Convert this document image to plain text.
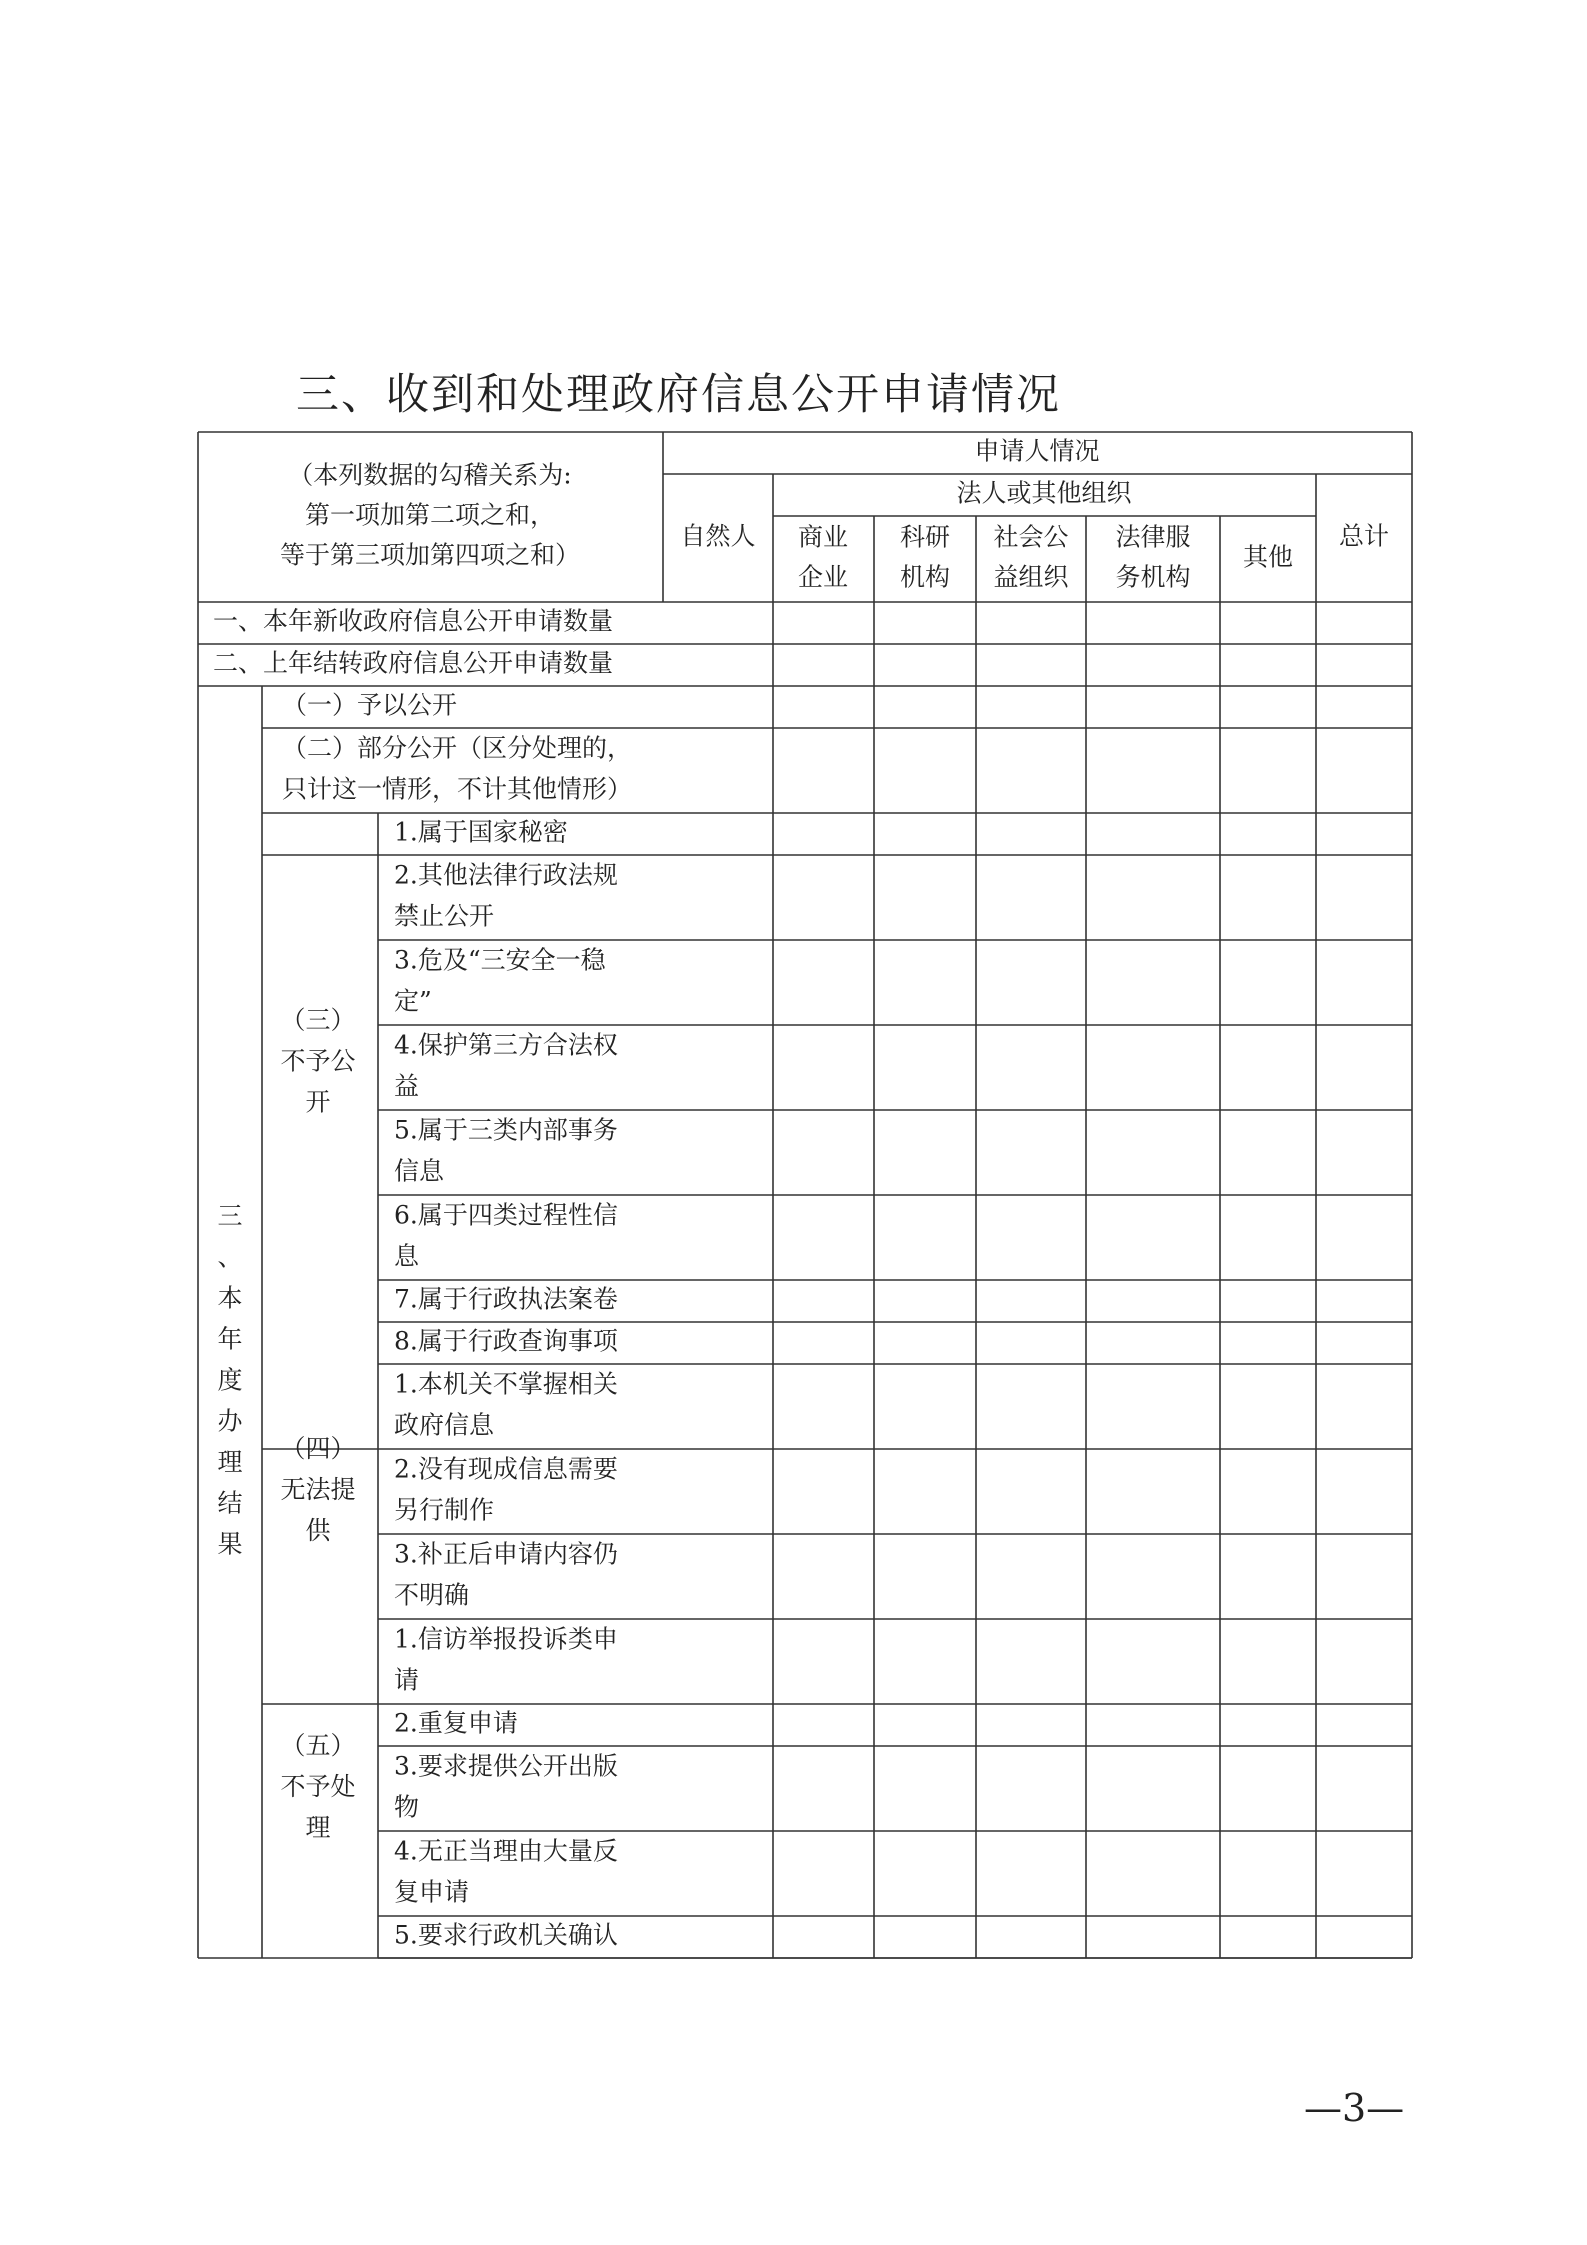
三、收到和处理政府信息公开申请情况
（本列数据的勾稽关系为:
第一项加第二项之和，
等于第三项加第四项之和）
申请人情况
法人或其他组织
自然人 商业
企业
科研
机构
社会公
益组织
法律服
务机构
其他
总计
一、本年新收政府信息公开申请数量
二、上年结转政府信息公开申请数量
（一）予以公开
（二）部分公开（区分处理的，
只计这一情形，不计其他情形）
1.属于国家秘密
2.其他法律行政法规
禁止公开
3.危及“三安全一稳
定”
4.保护第三方合法权
益
5.属于三类内部事务
信息
6.属于四类过程性信
息
7.属于行政执法案卷
8.属于行政查询事项
1.本机关不掌握相关
政府信息
2.没有现成信息需要
另行制作
3.补正后申请内容仍
不明确
1.信访举报投诉类申
请
2.重复申请
3.要求提供公开出版
物
4.无正当理由大量反
复申请
5.要求行政机关确认
三
、
本
年
度
办
理
结
果
（三）
不予公
开
（四）
无法提
供
（五）
不予处
理
—3—
